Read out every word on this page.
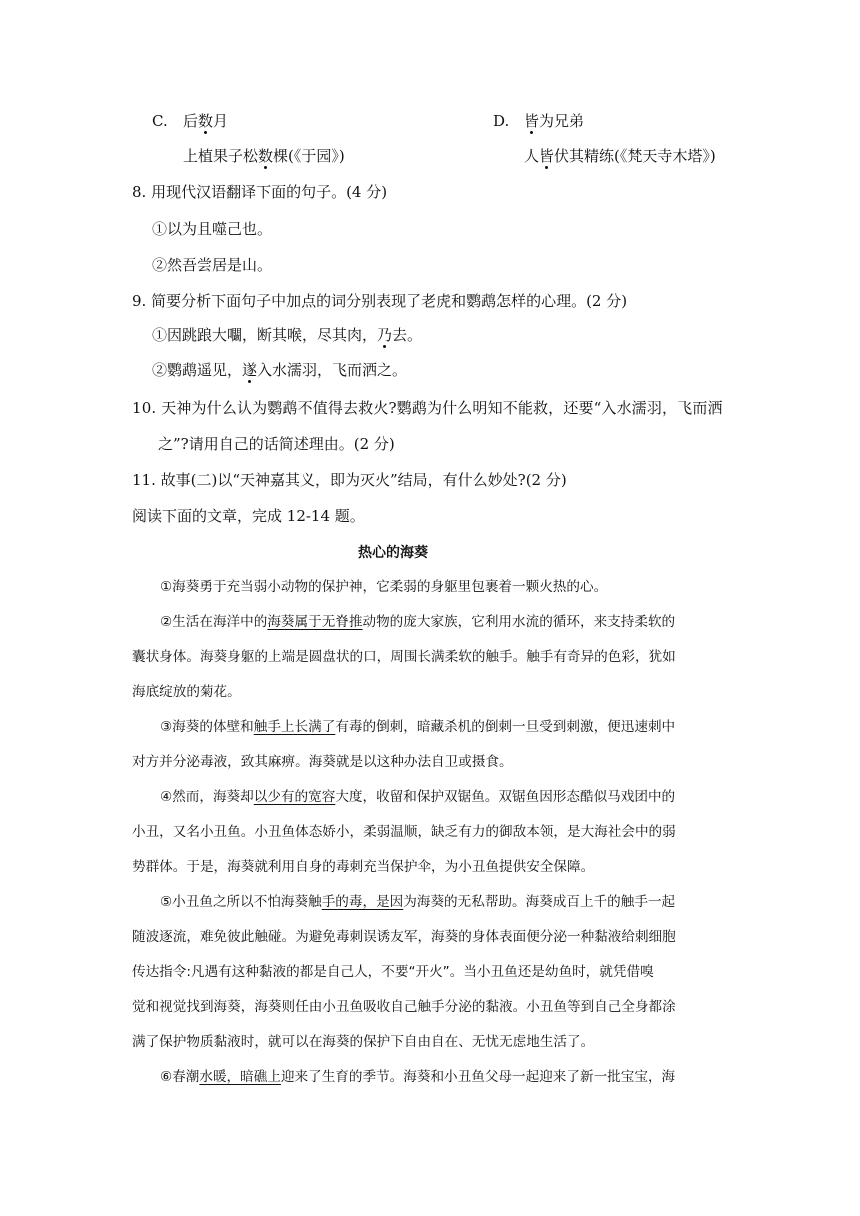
C. 后数月
上植果子松数棵(《于园》)
D. 皆为兄弟
人皆伏其精练(《梵天寺木塔》)
8. 用现代汉语翻译下面的句子。(4 分)
①以为且噬己也。
②然吾尝居是山。
9. 简要分析下面句子中加点的词分别表现了老虎和鹦鹉怎样的心理。(2 分)
①因跳踉大㘚，断其喉，尽其肉，乃去。
②鹦鹉遥见，遂入水濡羽，飞而洒之。
10. 天神为什么认为鹦鹉不值得去救火?鹦鹉为什么明知不能救，还要“入水濡羽，飞而洒
之”?请用自己的话简述理由。(2 分)
11. 故事(二)以“天神嘉其义，即为灭火”结局，有什么妙处?(2 分)
阅读下面的文章，完成 12-14 题。
热心的海葵
①海葵勇于充当弱小动物的保护神，它柔弱的身躯里包裹着一颗火热的心。
②生活在海洋中的海葵属于无脊推动物的庞大家族，它利用水流的循环，来支持柔软的
囊状身体。海葵身躯的上端是圆盘状的口，周围长满柔软的触手。触手有奇异的色彩，犹如
海底绽放的菊花。
③海葵的体壁和触手上长满了有毒的倒刺，暗藏杀机的倒刺一旦受到刺激，便迅速刺中
对方并分泌毒液，致其麻痹。海葵就是以这种办法自卫或摄食。
④然而，海葵却以少有的宽容大度，收留和保护双锯鱼。双锯鱼因形态酷似马戏团中的
小丑，又名小丑鱼。小丑鱼体态娇小，柔弱温顺，缺乏有力的御敌本领，是大海社会中的弱
势群体。于是，海葵就利用自身的毒刺充当保护伞，为小丑鱼提供安全保障。
⑤小丑鱼之所以不怕海葵触手的毒，是因为海葵的无私帮助。海葵成百上千的触手一起
随波逐流，难免彼此触碰。为避免毒刺误诱友军，海葵的身体表面便分泌一种黏液给刺细胞
传达指令:凡遇有这种黏液的都是自己人，不要“开火”。当小丑鱼还是幼鱼时，就凭借嗅
觉和视觉找到海葵，海葵则任由小丑鱼吸收自己触手分泌的黏液。小丑鱼等到自己全身都涂
满了保护物质黏液时，就可以在海葵的保护下自由自在、无忧无虑地生活了。
⑥春潮水暖，暗礁上迎来了生育的季节。海葵和小丑鱼父母一起迎来了新一批宝宝，海
